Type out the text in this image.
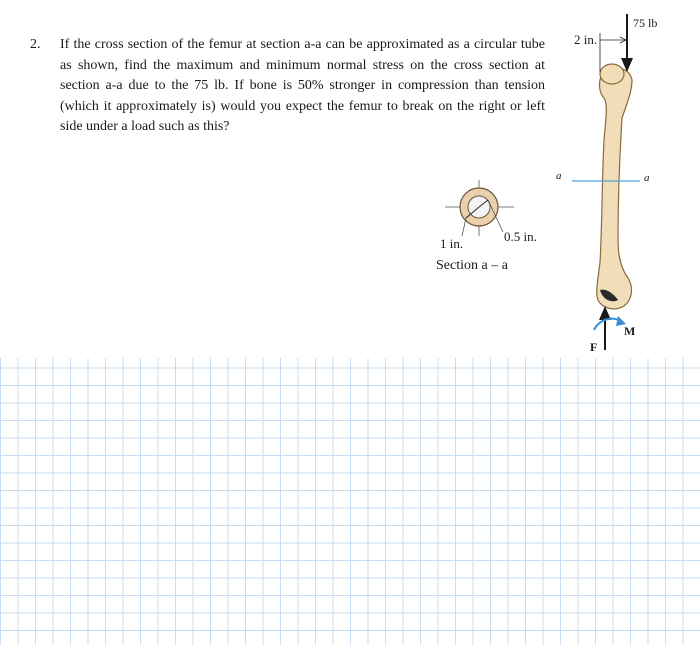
2. If the cross section of the femur at section a-a can be approximated as a circular tube as shown, find the maximum and minimum normal stress on the cross section at section a-a due to the 75 lb. If bone is 50% stronger in compression than tension (which it approximately is) would you expect the femur to break on the right or left side under a load such as this?
1 in.	0.5 in.
Section a – a
75 lb
2 in.
a	a
F
M
